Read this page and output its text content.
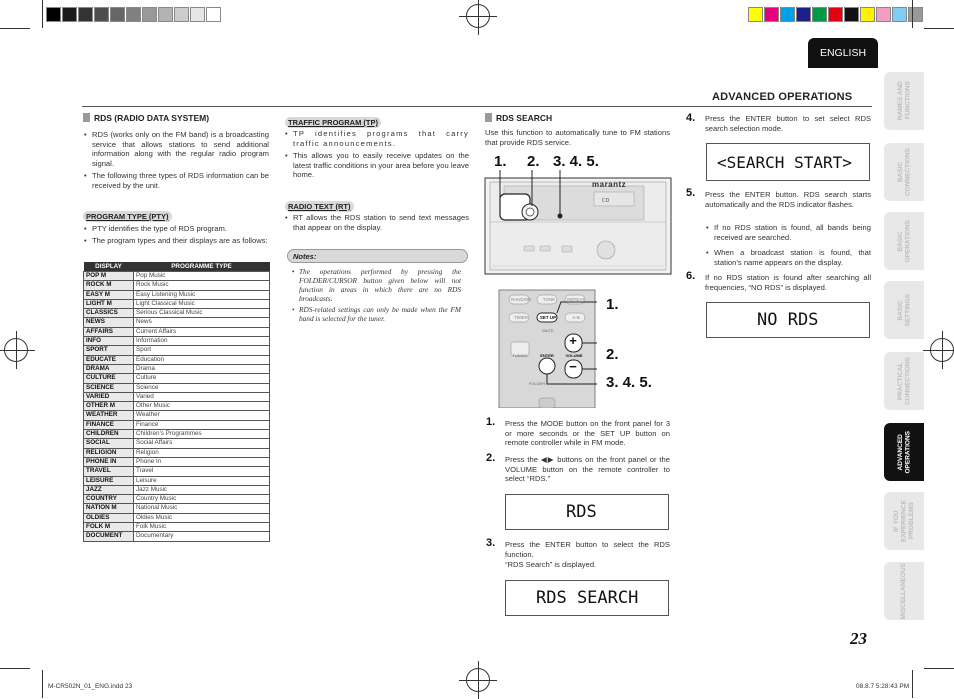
ENGLISH
ADVANCED OPERATIONS
NAMES AND
FUNCTIONS
BASIC
CONNECTIONS
BASIC
OPERATIONS
BASIC
SETTINGS
PRACTICAL
CONNECTIONS
ADVANCED
OPERATIONS
IF YOU EXPERIENCE
PROBLEMS
MISCELLANEOUS
RDS (RADIO DATA SYSTEM)
• RDS (works only on the FM band) is a broadcasting service that allows stations to send additional information along with the regular radio program signal.
• The following three types of RDS information can be received by the unit.
PROGRAM TYPE (PTY)
• PTY identifies the type of RDS program.
• The program types and their displays are as follows:
DISPLAY	PROGRAMME TYPE
POP M	Pop Music
ROCK M	Rock Music
EASY M	Easy Listening Music
LIGHT M	Light Classical Music
CLASSICS	Serious Classical Music
NEWS	News
AFFAIRS	Current Affairs
INFO	Information
SPORT	Sport
EDUCATE	Education
DRAMA	Drama
CULTURE	Culture
SCIENCE	Science
VARIED	Varied
OTHER M	Other Music
WEATHER	Weather
FINANCE	Finance
CHILDREN	Children’s Programmes
SOCIAL	Social Affairs
RELIGION	Religion
PHONE IN	Phone In
TRAVEL	Travel
LEISURE	Leisure
JAZZ	Jazz Music
COUNTRY	Country Music
NATION M	National Music
OLDIES	Oldies Music
FOLK M	Folk Music
DOCUMENT	Documentary
TRAFFIC PROGRAM (TP)
• TP identifies programs that carry traffic announcements.
• This allows you to easily receive updates on the latest traffic conditions in your area before you leave home.
RADIO TEXT (RT)
• RT allows the RDS station to send text messages that appear on the display.
Notes:
• The operations performed by pressing the FOLDER/CURSOR button given below will not function in areas in which there are no RDS broadcasts.
• RDS-related settings can only be made when the FM band is selected for the tuner.
RDS SEARCH
Use this function to automatically tune to FM stations that provide RDS service.
1. 2. 3. 4. 5.
CD
marantz
RANDOM	TONE	REPEAT
TIMER	SET UP	A-B
MUTE
TUNING	ENTER	VOLUME
FOLDER
+
−
1.
2.
3. 4. 5.
1. Press the MODE button on the front panel for 3 or more seconds or the SET UP button on remote controller while in FM mode.
2. Press the ◀▶ buttons on the front panel or the VOLUME button on the remote controller to select “RDS.”
RDS
3. Press the ENTER button to select the RDS function.
“RDS Search” is displayed.
RDS SEARCH
4. Press the ENTER button to set select RDS search selection mode.
<SEARCH START>
5. Press the ENTER button. RDS search starts automatically and the RDS indicator flashes.
• If no RDS station is found, all bands being received are searched.
• When a broadcast station is found, that station’s name appears on the display.
6. If no RDS station is found after searching all frequencies, “NO RDS” is displayed.
NO RDS
23
M-CR502N_01_ENG.indd 23	08.8.7 5:28:43 PM
